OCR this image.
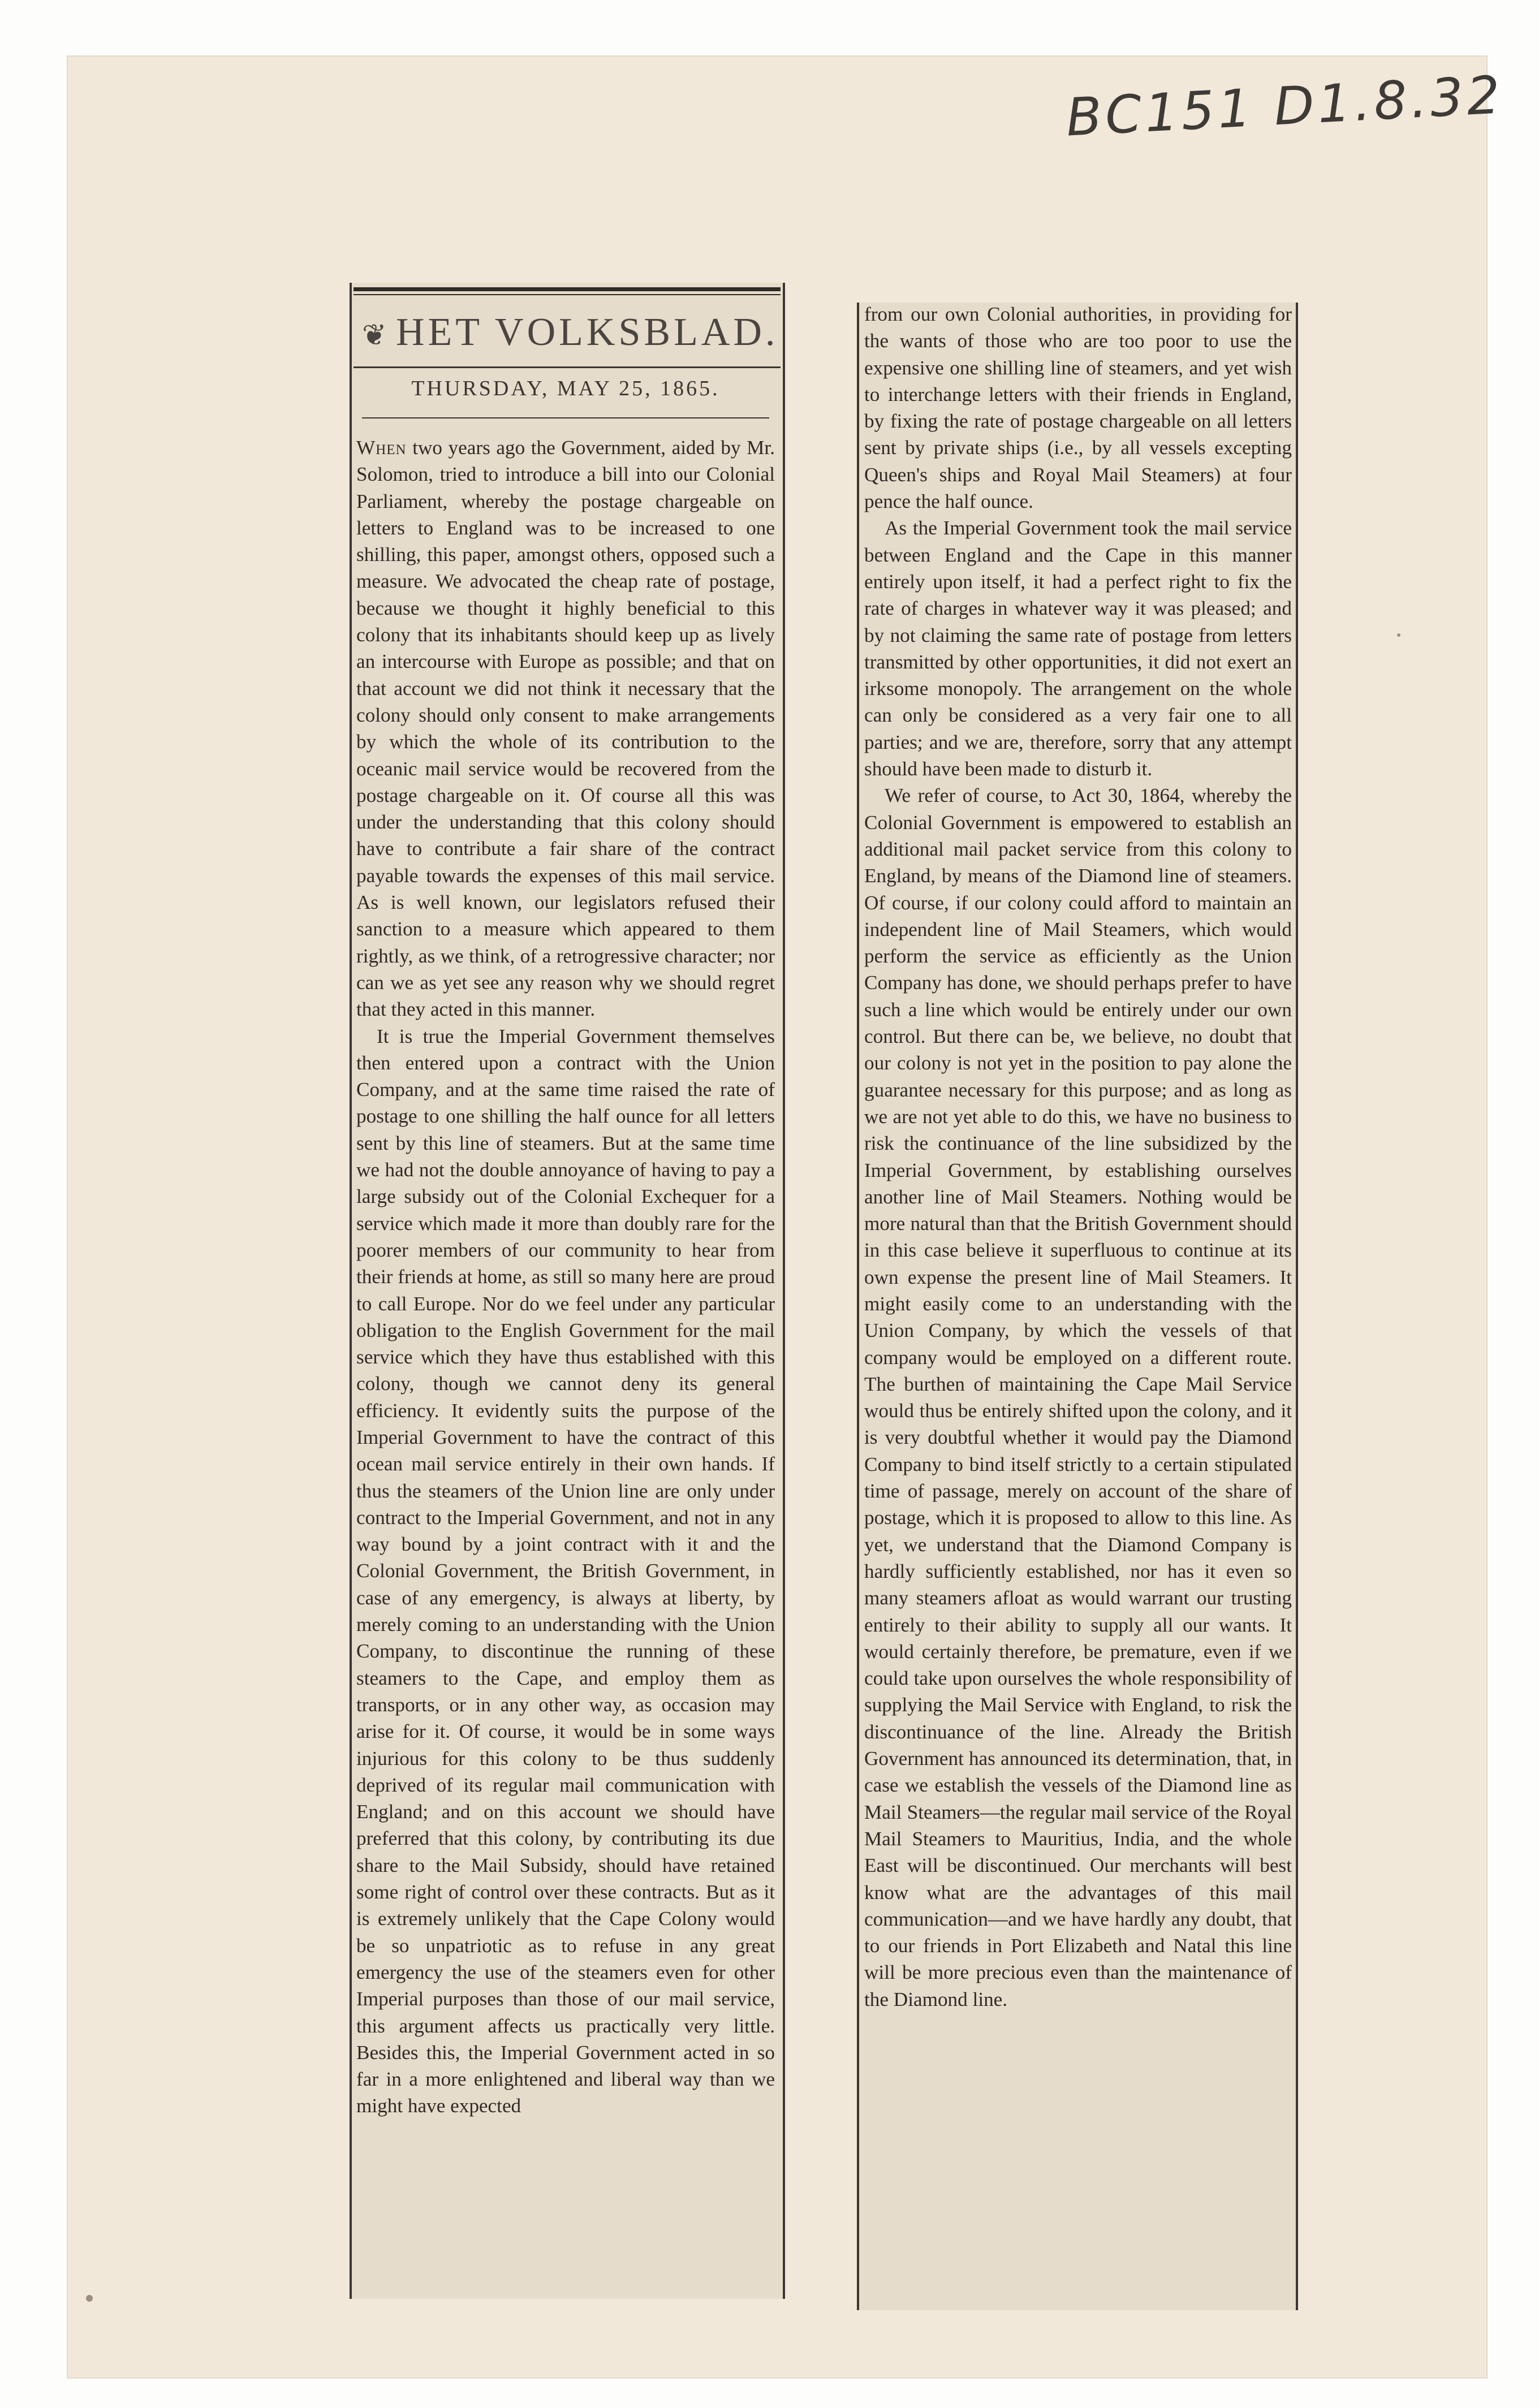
BC151 D1.8.32
❦ HET VOLKSBLAD.
THURSDAY, MAY 25, 1865.

When two years ago the Government, aided by Mr. Solomon, tried to introduce a bill into our Colonial Parliament, whereby the postage chargeable on letters to England was to be increased to one shilling, this paper, amongst others, opposed such a measure. We advocated the cheap rate of postage, because we thought it highly beneficial to this colony that its inhabitants should keep up as lively an intercourse with Europe as possible; and that on that account we did not think it necessary that the colony should only consent to make arrangements by which the whole of its contribution to the oceanic mail service would be recovered from the postage chargeable on it. Of course all this was under the understanding that this colony should have to contribute a fair share of the contract payable towards the expenses of this mail service. As is well known, our legislators refused their sanction to a measure which appeared to them rightly, as we think, of a retrogressive character; nor can we as yet see any reason why we should regret that they acted in this manner.

It is true the Imperial Government themselves then entered upon a contract with the Union Company, and at the same time raised the rate of postage to one shilling the half ounce for all letters sent by this line of steamers. But at the same time we had not the double annoyance of having to pay a large subsidy out of the Colonial Exchequer for a service which made it more than doubly rare for the poorer members of our community to hear from their friends at home, as still so many here are proud to call Europe. Nor do we feel under any particular obligation to the English Government for the mail service which they have thus established with this colony, though we cannot deny its general efficiency. It evidently suits the purpose of the Imperial Government to have the contract of this ocean mail service entirely in their own hands. If thus the steamers of the Union line are only under contract to the Imperial Government, and not in any way bound by a joint contract with it and the Colonial Government, the British Government, in case of any emergency, is always at liberty, by merely coming to an understanding with the Union Company, to discontinue the running of these steamers to the Cape, and employ them as transports, or in any other way, as occasion may arise for it. Of course, it would be in some ways injurious for this colony to be thus suddenly deprived of its regular mail communication with England; and on this account we should have preferred that this colony, by contributing its due share to the Mail Subsidy, should have retained some right of control over these contracts. But as it is extremely unlikely that the Cape Colony would be so unpatriotic as to refuse in any great emergency the use of the steamers even for other Imperial purposes than those of our mail service, this argument affects us practically very little. Besides this, the Imperial Government acted in so far in a more enlightened and liberal way than we might have expected

from our own Colonial authorities, in providing for the wants of those who are too poor to use the expensive one shilling line of steamers, and yet wish to interchange letters with their friends in England, by fixing the rate of postage chargeable on all letters sent by private ships (i.e., by all vessels excepting Queen's ships and Royal Mail Steamers) at four pence the half ounce.

As the Imperial Government took the mail service between England and the Cape in this manner entirely upon itself, it had a perfect right to fix the rate of charges in whatever way it was pleased; and by not claiming the same rate of postage from letters transmitted by other opportunities, it did not exert an irksome monopoly. The arrangement on the whole can only be considered as a very fair one to all parties; and we are, therefore, sorry that any attempt should have been made to disturb it.

We refer of course, to Act 30, 1864, whereby the Colonial Government is empowered to establish an additional mail packet service from this colony to England, by means of the Diamond line of steamers. Of course, if our colony could afford to maintain an independent line of Mail Steamers, which would perform the service as efficiently as the Union Company has done, we should perhaps prefer to have such a line which would be entirely under our own control. But there can be, we believe, no doubt that our colony is not yet in the position to pay alone the guarantee necessary for this purpose; and as long as we are not yet able to do this, we have no business to risk the continuance of the line subsidized by the Imperial Government, by establishing ourselves another line of Mail Steamers. Nothing would be more natural than that the British Government should in this case believe it superfluous to continue at its own expense the present line of Mail Steamers. It might easily come to an understanding with the Union Company, by which the vessels of that company would be employed on a different route. The burthen of maintaining the Cape Mail Service would thus be entirely shifted upon the colony, and it is very doubtful whether it would pay the Diamond Company to bind itself strictly to a certain stipulated time of passage, merely on account of the share of postage, which it is proposed to allow to this line. As yet, we understand that the Diamond Company is hardly sufficiently established, nor has it even so many steamers afloat as would warrant our trusting entirely to their ability to supply all our wants. It would certainly therefore, be premature, even if we could take upon ourselves the whole responsibility of supplying the Mail Service with England, to risk the discontinuance of the line. Already the British Government has announced its determination, that, in case we establish the vessels of the Diamond line as Mail Steamers—the regular mail service of the Royal Mail Steamers to Mauritius, India, and the whole East will be discontinued. Our merchants will best know what are the advantages of this mail communication—and we have hardly any doubt, that to our friends in Port Elizabeth and Natal this line will be more precious even than the maintenance of the Diamond line.
